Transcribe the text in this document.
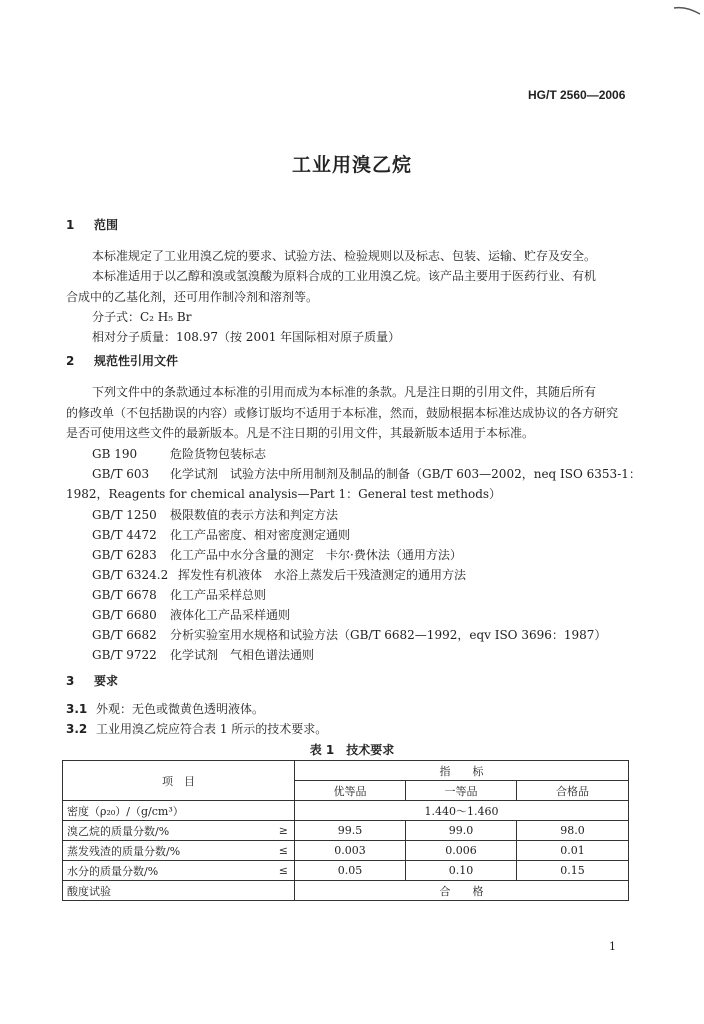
HG/T 2560—2006
工业用溴乙烷
1 范围
本标准规定了工业用溴乙烷的要求、试验方法、检验规则以及标志、包装、运输、贮存及安全。
本标准适用于以乙醇和溴或氢溴酸为原料合成的工业用溴乙烷。该产品主要用于医药行业、有机
合成中的乙基化剂，还可用作制冷剂和溶剂等。
分子式：C₂ H₅ Br
相对分子质量：108.97（按 2001 年国际相对原子质量）
2 规范性引用文件
下列文件中的条款通过本标准的引用而成为本标准的条款。凡是注日期的引用文件，其随后所有
的修改单（不包括勘误的内容）或修订版均不适用于本标准，然而，鼓励根据本标准达成协议的各方研究
是否可使用这些文件的最新版本。凡是不注日期的引用文件，其最新版本适用于本标准。
GB 190	危险货物包装标志
GB/T 603 化学试剂　试验方法中所用制剂及制品的制备（GB/T 603—2002，neq ISO 6353-1：
1982，Reagents for chemical analysis—Part 1：General test methods）
GB/T 1250 极限数值的表示方法和判定方法
GB/T 4472 化工产品密度、相对密度测定通则
GB/T 6283 化工产品中水分含量的测定　卡尔·费休法（通用方法）
GB/T 6324.2 挥发性有机液体　水浴上蒸发后干残渣测定的通用方法
GB/T 6678 化工产品采样总则
GB/T 6680 液体化工产品采样通则
GB/T 6682 分析实验室用水规格和试验方法（GB/T 6682—1992，eqv ISO 3696：1987）
GB/T 9722 化学试剂　气相色谱法通则
3 要求
3.1 外观：无色或微黄色透明液体。
3.2 工业用溴乙烷应符合表 1 所示的技术要求。
表 1　技术要求
项　目	指　　标		
	优等品	一等品	合格品
密度（ρ₂₀）/（g/cm³）	1.440～1.460		
溴乙烷的质量分数/% ≥	99.5	99.0	98.0
蒸发残渣的质量分数/% ≤	0.003	0.006	0.01
水分的质量分数/% ≤	0.05	0.10	0.15
酸度试验	合　　格		
1
